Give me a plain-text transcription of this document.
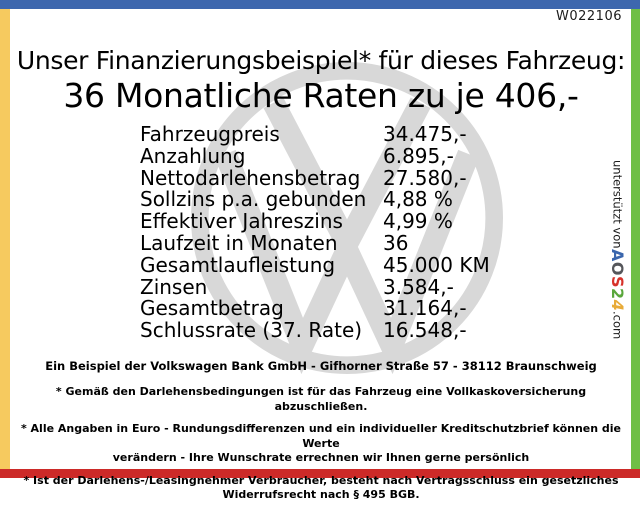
W022106
Unser Finanzierungsbeispiel* für dieses Fahrzeug:
36 Monatliche Raten zu je 406,-
Fahrzeugpreis	34.475,-
Anzahlung	6.895,-
Nettodarlehensbetrag	27.580,-
Sollzins p.a. gebunden 4,88 %
Effektiver Jahreszins	4,99 %
Laufzeit in Monaten	36
Gesamtlaufleistung	45.000 KM
Zinsen	3.584,-
Gesamtbetrag	31.164,-
Schlussrate (37. Rate)	16.548,-
Ein Beispiel der Volkswagen Bank GmbH - Gifhorner Straße 57 - 38112 Braunschweig

* Gemäß den Darlehensbedingungen ist für das Fahrzeug eine Vollkaskoversicherung abzuschließen.

* Alle Angaben in Euro - Rundungsdifferenzen und ein individueller Kreditschutzbrief können die Werte
verändern - Ihre Wunschrate errechnen wir Ihnen gerne persönlich

* Ist der Darlehens-/Leasingnehmer Verbraucher, besteht nach Vertragsschluss ein gesetzliches
Widerrufsrecht nach § 495 BGB.

unterstützt von
AOS24
.com
